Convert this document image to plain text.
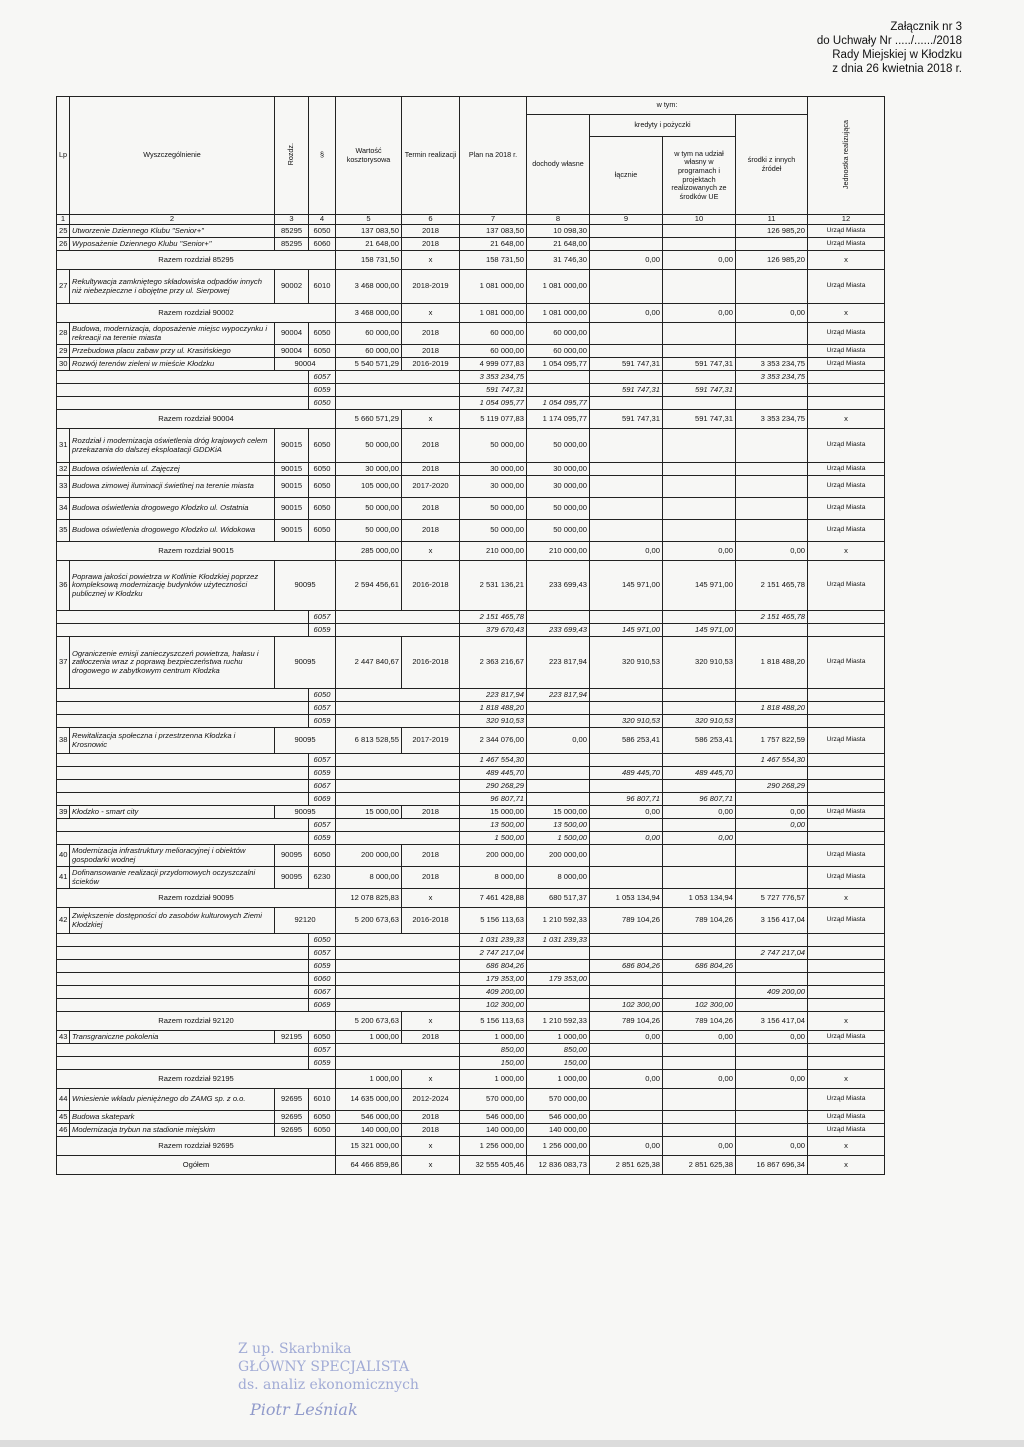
Załącznik nr 3
do Uchwały Nr ...../....../2018
Rady Miejskiej w Kłodzku
z dnia 26 kwietnia 2018 r.
Lp	Wyszczególnienie	Rozdz.	§	Wartość kosztorysowa	Termin realizacji	Plan na 2018 r.	w tym:				Jednostka realizująca
							dochody własne	kredyty i pożyczki		środki z innych źródeł	
								łącznie	w tym na udział własny w programach i projektach realizowanych ze środków UE		
1	2	3	4	5	6	7	8	9	10	11	12
25	Utworzenie Dziennego Klubu "Senior+"	85295	6050	137 083,50	2018	137 083,50	10 098,30			126 985,20	Urząd Miasta
26	Wyposażenie Dziennego Klubu "Senior+"	85295	6060	21 648,00	2018	21 648,00	21 648,00				Urząd Miasta
Razem rozdział 85295				158 731,50	x	158 731,50	31 746,30	0,00	0,00	126 985,20	x
27	Rekultywacja zamkniętego składowiska odpadów innych niż niebezpieczne i obojętne przy ul. Sierpowej	90002	6010	3 468 000,00	2018-2019	1 081 000,00	1 081 000,00				Urząd Miasta
Razem rozdział 90002				3 468 000,00	x	1 081 000,00	1 081 000,00	0,00	0,00	0,00	x
28	Budowa, modernizacja, doposażenie miejsc wypoczynku i rekreacji na terenie miasta	90004	6050	60 000,00	2018	60 000,00	60 000,00				Urząd Miasta
29	Przebudowa placu zabaw przy ul. Krasińskiego	90004	6050	60 000,00	2018	60 000,00	60 000,00				Urząd Miasta
30	Rozwój terenów zieleni w mieście Kłodzku	90004		5 540 571,29	2016-2019	4 999 077,83	1 054 095,77	591 747,31	591 747,31	3 353 234,75	Urząd Miasta
			6057			3 353 234,75				3 353 234,75	
			6059			591 747,31		591 747,31	591 747,31		
			6050			1 054 095,77	1 054 095,77				
Razem rozdział 90004				5 660 571,29	x	5 119 077,83	1 174 095,77	591 747,31	591 747,31	3 353 234,75	x
31	Rozdział i modernizacja oświetlenia dróg krajowych celem przekazania do dalszej eksploatacji GDDKiA	90015	6050	50 000,00	2018	50 000,00	50 000,00				Urząd Miasta
32	Budowa oświetlenia ul. Zajęczej	90015	6050	30 000,00	2018	30 000,00	30 000,00				Urząd Miasta
33	Budowa zimowej iluminacji świetlnej na terenie miasta	90015	6050	105 000,00	2017-2020	30 000,00	30 000,00				Urząd Miasta
34	Budowa oświetlenia drogowego Kłodzko ul. Ostatnia	90015	6050	50 000,00	2018	50 000,00	50 000,00				Urząd Miasta
35	Budowa oświetlenia drogowego Kłodzko ul. Widokowa	90015	6050	50 000,00	2018	50 000,00	50 000,00				Urząd Miasta
Razem rozdział 90015				285 000,00	x	210 000,00	210 000,00	0,00	0,00	0,00	x
36	Poprawa jakości powietrza w Kotlinie Kłodzkiej poprzez kompleksową modernizację budynków użyteczności publicznej w Kłodzku	90095		2 594 456,61	2016-2018	2 531 136,21	233 699,43	145 971,00	145 971,00	2 151 465,78	Urząd Miasta
			6057			2 151 465,78				2 151 465,78	
			6059			379 670,43	233 699,43	145 971,00	145 971,00		
37	Ograniczenie emisji zanieczyszczeń powietrza, hałasu i zatłoczenia wraz z poprawą bezpieczeństwa ruchu drogowego w zabytkowym centrum Kłodzka	90095		2 447 840,67	2016-2018	2 363 216,67	223 817,94	320 910,53	320 910,53	1 818 488,20	Urząd Miasta
			6050			223 817,94	223 817,94				
			6057			1 818 488,20				1 818 488,20	
			6059			320 910,53		320 910,53	320 910,53		
38	Rewitalizacja społeczna i przestrzenna Kłodzka i Krosnowic	90095		6 813 528,55	2017-2019	2 344 076,00	0,00	586 253,41	586 253,41	1 757 822,59	Urząd Miasta
			6057			1 467 554,30				1 467 554,30	
			6059			489 445,70		489 445,70	489 445,70		
			6067			290 268,29				290 268,29	
			6069			96 807,71		96 807,71	96 807,71		
39	Kłodzko - smart city	90095		15 000,00	2018	15 000,00	15 000,00	0,00	0,00	0,00	Urząd Miasta
			6057			13 500,00	13 500,00			0,00	
			6059			1 500,00	1 500,00	0,00	0,00		
40	Modernizacja infrastruktury melioracyjnej i obiektów gospodarki wodnej	90095	6050	200 000,00	2018	200 000,00	200 000,00				Urząd Miasta
41	Dofinansowanie realizacji przydomowych oczyszczalni ścieków	90095	6230	8 000,00	2018	8 000,00	8 000,00				Urząd Miasta
Razem rozdział 90095				12 078 825,83	x	7 461 428,88	680 517,37	1 053 134,94	1 053 134,94	5 727 776,57	x
42	Zwiększenie dostępności do zasobów kulturowych Ziemi Kłodzkiej	92120		5 200 673,63	2016-2018	5 156 113,63	1 210 592,33	789 104,26	789 104,26	3 156 417,04	Urząd Miasta
			6050			1 031 239,33	1 031 239,33				
			6057			2 747 217,04				2 747 217,04	
			6059			686 804,26		686 804,26	686 804,26		
			6060			179 353,00	179 353,00				
			6067			409 200,00				409 200,00	
			6069			102 300,00		102 300,00	102 300,00		
Razem rozdział 92120				5 200 673,63	x	5 156 113,63	1 210 592,33	789 104,26	789 104,26	3 156 417,04	x
43	Transgraniczne pokolenia	92195	6050	1 000,00	2018	1 000,00	1 000,00	0,00	0,00	0,00	Urząd Miasta
			6057			850,00	850,00				
			6059			150,00	150,00				
Razem rozdział 92195				1 000,00	x	1 000,00	1 000,00	0,00	0,00	0,00	x
44	Wniesienie wkładu pieniężnego do ZAMG sp. z o.o.	92695	6010	14 635 000,00	2012-2024	570 000,00	570 000,00				Urząd Miasta
45	Budowa skatepark	92695	6050	546 000,00	2018	546 000,00	546 000,00				Urząd Miasta
46	Modernizacja trybun na stadionie miejskim	92695	6050	140 000,00	2018	140 000,00	140 000,00				Urząd Miasta
Razem rozdział 92695				15 321 000,00	x	1 256 000,00	1 256 000,00	0,00	0,00	0,00	x
Ogółem				64 466 859,86	x	32 555 405,46	12 836 083,73	2 851 625,38	2 851 625,38	16 867 696,34	x
Z up. Skarbnika
GŁÓWNY SPECJALISTA
ds. analiz ekonomicznych
Piotr Leśniak
